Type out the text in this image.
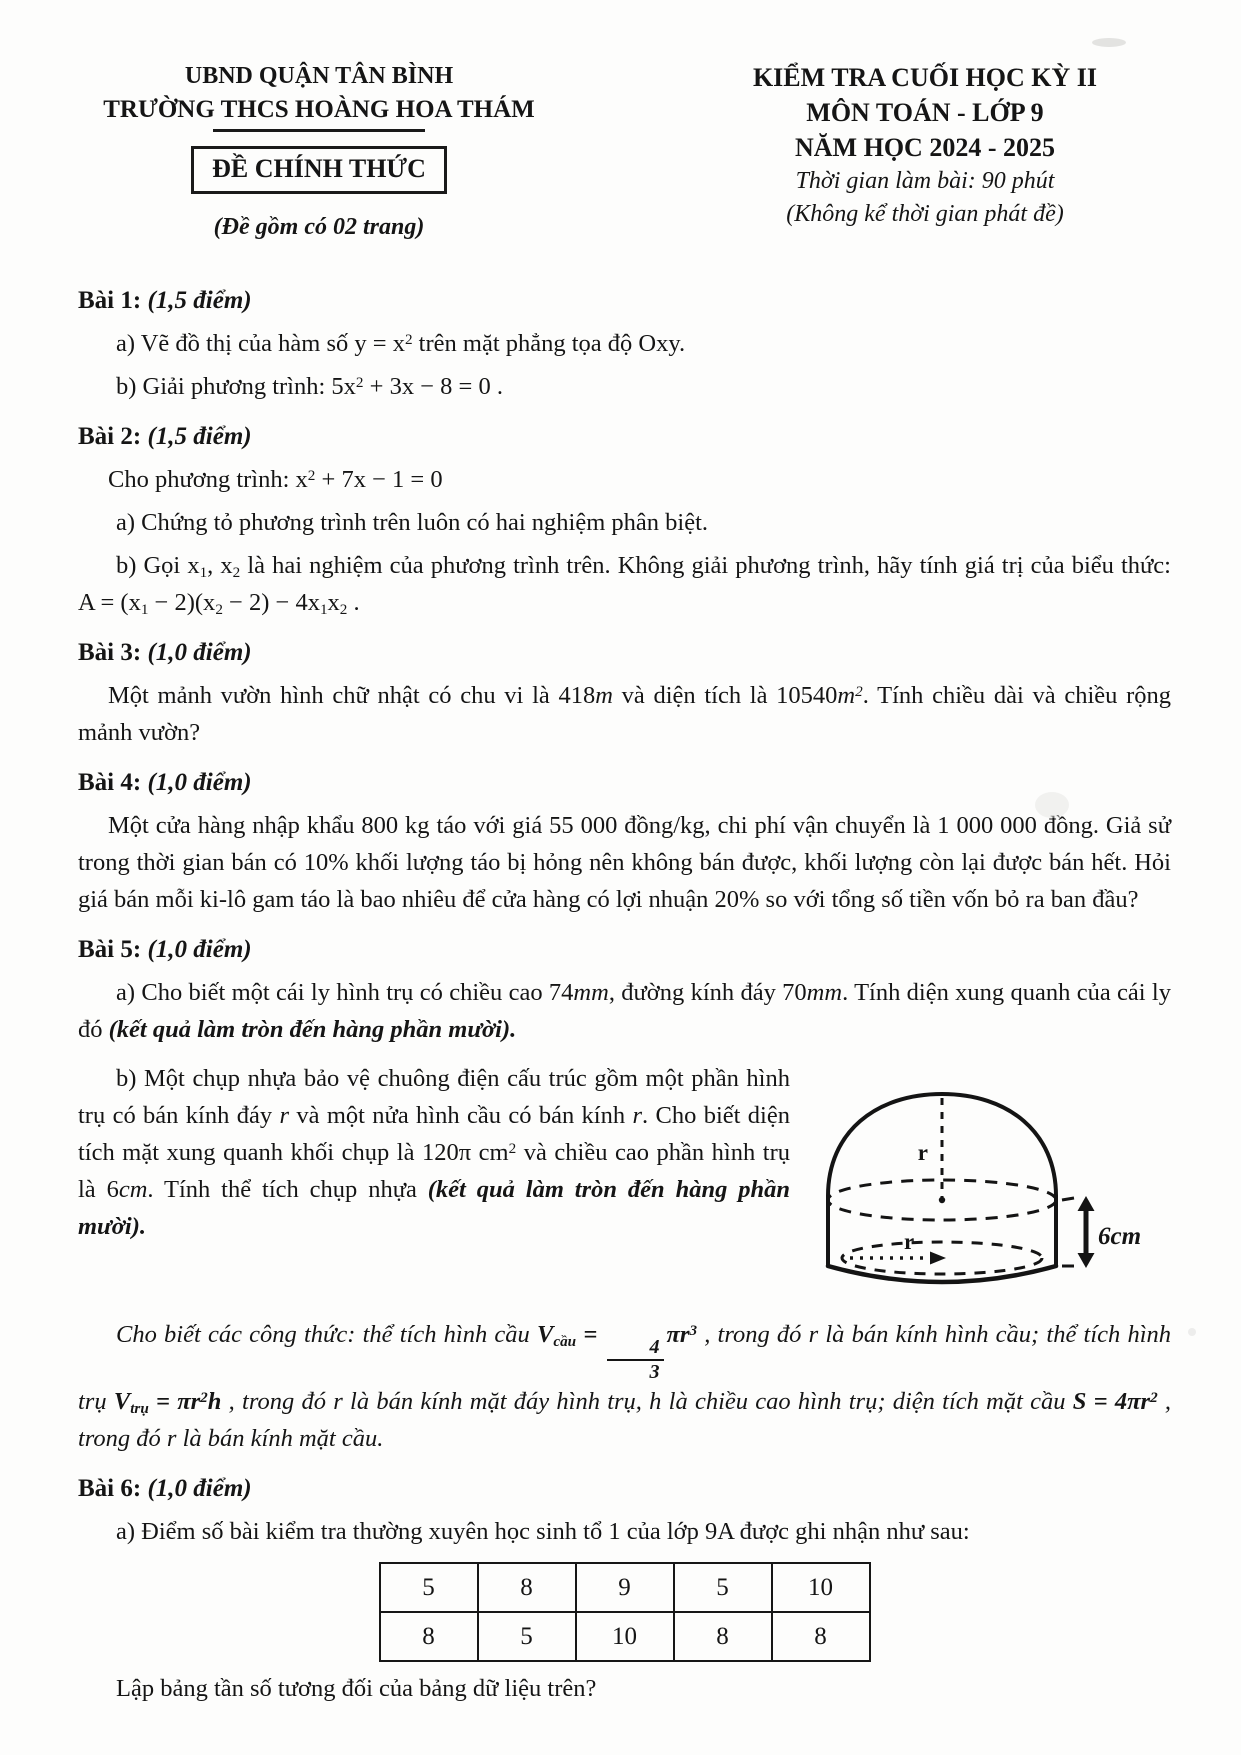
UBND QUẬN TÂN BÌNH
TRƯỜNG THCS HOÀNG HOA THÁM
ĐỀ CHÍNH THỨC
(Đề gồm có 02 trang)
KIỂM TRA CUỐI HỌC KỲ II
MÔN TOÁN - LỚP 9
NĂM HỌC 2024 - 2025
Thời gian làm bài: 90 phút
(Không kể thời gian phát đề)
Bài 1: (1,5 điểm)

a) Vẽ đồ thị của hàm số $y = x^2$ trên mặt phẳng tọa độ Oxy.

b) Giải phương trình: $5x^2 + 3x - 8 = 0$ .

Bài 2: (1,5 điểm)

Cho phương trình: $x^2 + 7x - 1 = 0$

a) Chứng tỏ phương trình trên luôn có hai nghiệm phân biệt.

b) Gọi $x_1$, $x_2$ là hai nghiệm của phương trình trên. Không giải phương trình, hãy tính giá trị của biểu thức: $A = (x_1 - 2)(x_2 - 2) - 4x_1x_2$ .

Bài 3: (1,0 điểm)

Một mảnh vườn hình chữ nhật có chu vi là 418m và diện tích là $10540m^2$. Tính chiều dài và chiều rộng mảnh vườn?

Bài 4: (1,0 điểm)

Một cửa hàng nhập khẩu 800 kg táo với giá 55 000 đồng/kg, chi phí vận chuyển là 1 000 000 đồng. Giả sử trong thời gian bán có 10% khối lượng táo bị hỏng nên không bán được, khối lượng còn lại được bán hết. Hỏi giá bán mỗi ki-lô gam táo là bao nhiêu để cửa hàng có lợi nhuận 20% so với tổng số tiền vốn bỏ ra ban đầu?

Bài 5: (1,0 điểm)

a) Cho biết một cái ly hình trụ có chiều cao 74mm, đường kính đáy 70mm. Tính diện xung quanh của cái ly đó (kết quả làm tròn đến hàng phần mười).

b) Một chụp nhựa bảo vệ chuông điện cấu trúc gồm một phần hình trụ có bán kính đáy r và một nửa hình cầu có bán kính r. Cho biết diện tích mặt xung quanh khối chụp là 120π $cm^2$ và chiều cao phần hình trụ là 6cm. Tính thể tích chụp nhựa (kết quả làm tròn đến hàng phần mười).

r
r	6cm

Cho biết các công thức: thể tích hình cầu $V_{cầu}$ =
$\frac{4}{3}$
$\pi r^3$ , trong đó r là bán kính hình cầu; thể tích hình trụ $V_{trụ} = \pi r^2h$ , trong đó r là bán kính mặt đáy hình trụ, h là chiều cao hình trụ; diện tích mặt cầu $S = 4\pi r^2$ , trong đó r là bán kính mặt cầu.

Bài 6: (1,0 điểm)

a) Điểm số bài kiểm tra thường xuyên học sinh tổ 1 của lớp 9A được ghi nhận như sau:

5	8	9	5	10
8	5	10	8	8

Lập bảng tần số tương đối của bảng dữ liệu trên?
